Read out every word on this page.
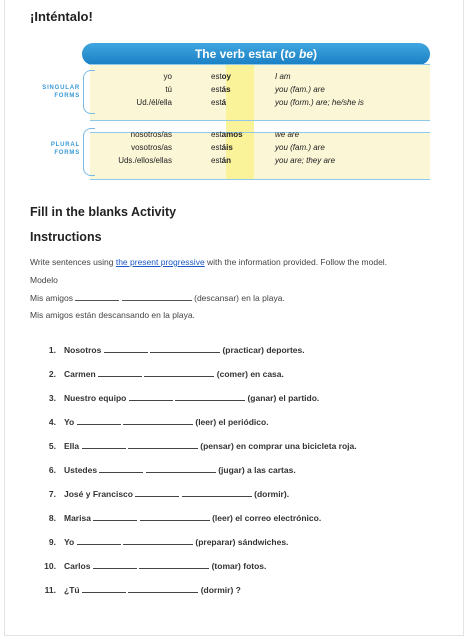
¡Inténtalo!
The verb estar (to be)
SINGULAR
FORMS
PLURAL
FORMS
yo	estoy	I am
tú	estás	you (fam.) are
Ud./él/ella	está	you (form.) are; he/she is
nosotros/as	estamos	we are
vosotros/as	estáis	you (fam.) are
Uds./ellos/ellas	están	you are; they are
Fill in the blanks Activity
Instructions

Write sentences using the present progressive with the information provided. Follow the model.

Modelo

Mis amigos	(descansar) en la playa.

Mis amigos están descansando en la playa.

1. Nosotros	(practicar) deportes.
2. Carmen	(comer) en casa.
3. Nuestro equipo	(ganar) el partido.
4. Yo	(leer) el periódico.
5. Ella	(pensar) en comprar una bicicleta roja.
6. Ustedes	(jugar) a las cartas.
7. José y Francisco	(dormir).
8. Marisa	(leer) el correo electrónico.
9. Yo	(preparar) sándwiches.
10. Carlos	(tomar) fotos.
11. ¿Tú	(dormir) ?
